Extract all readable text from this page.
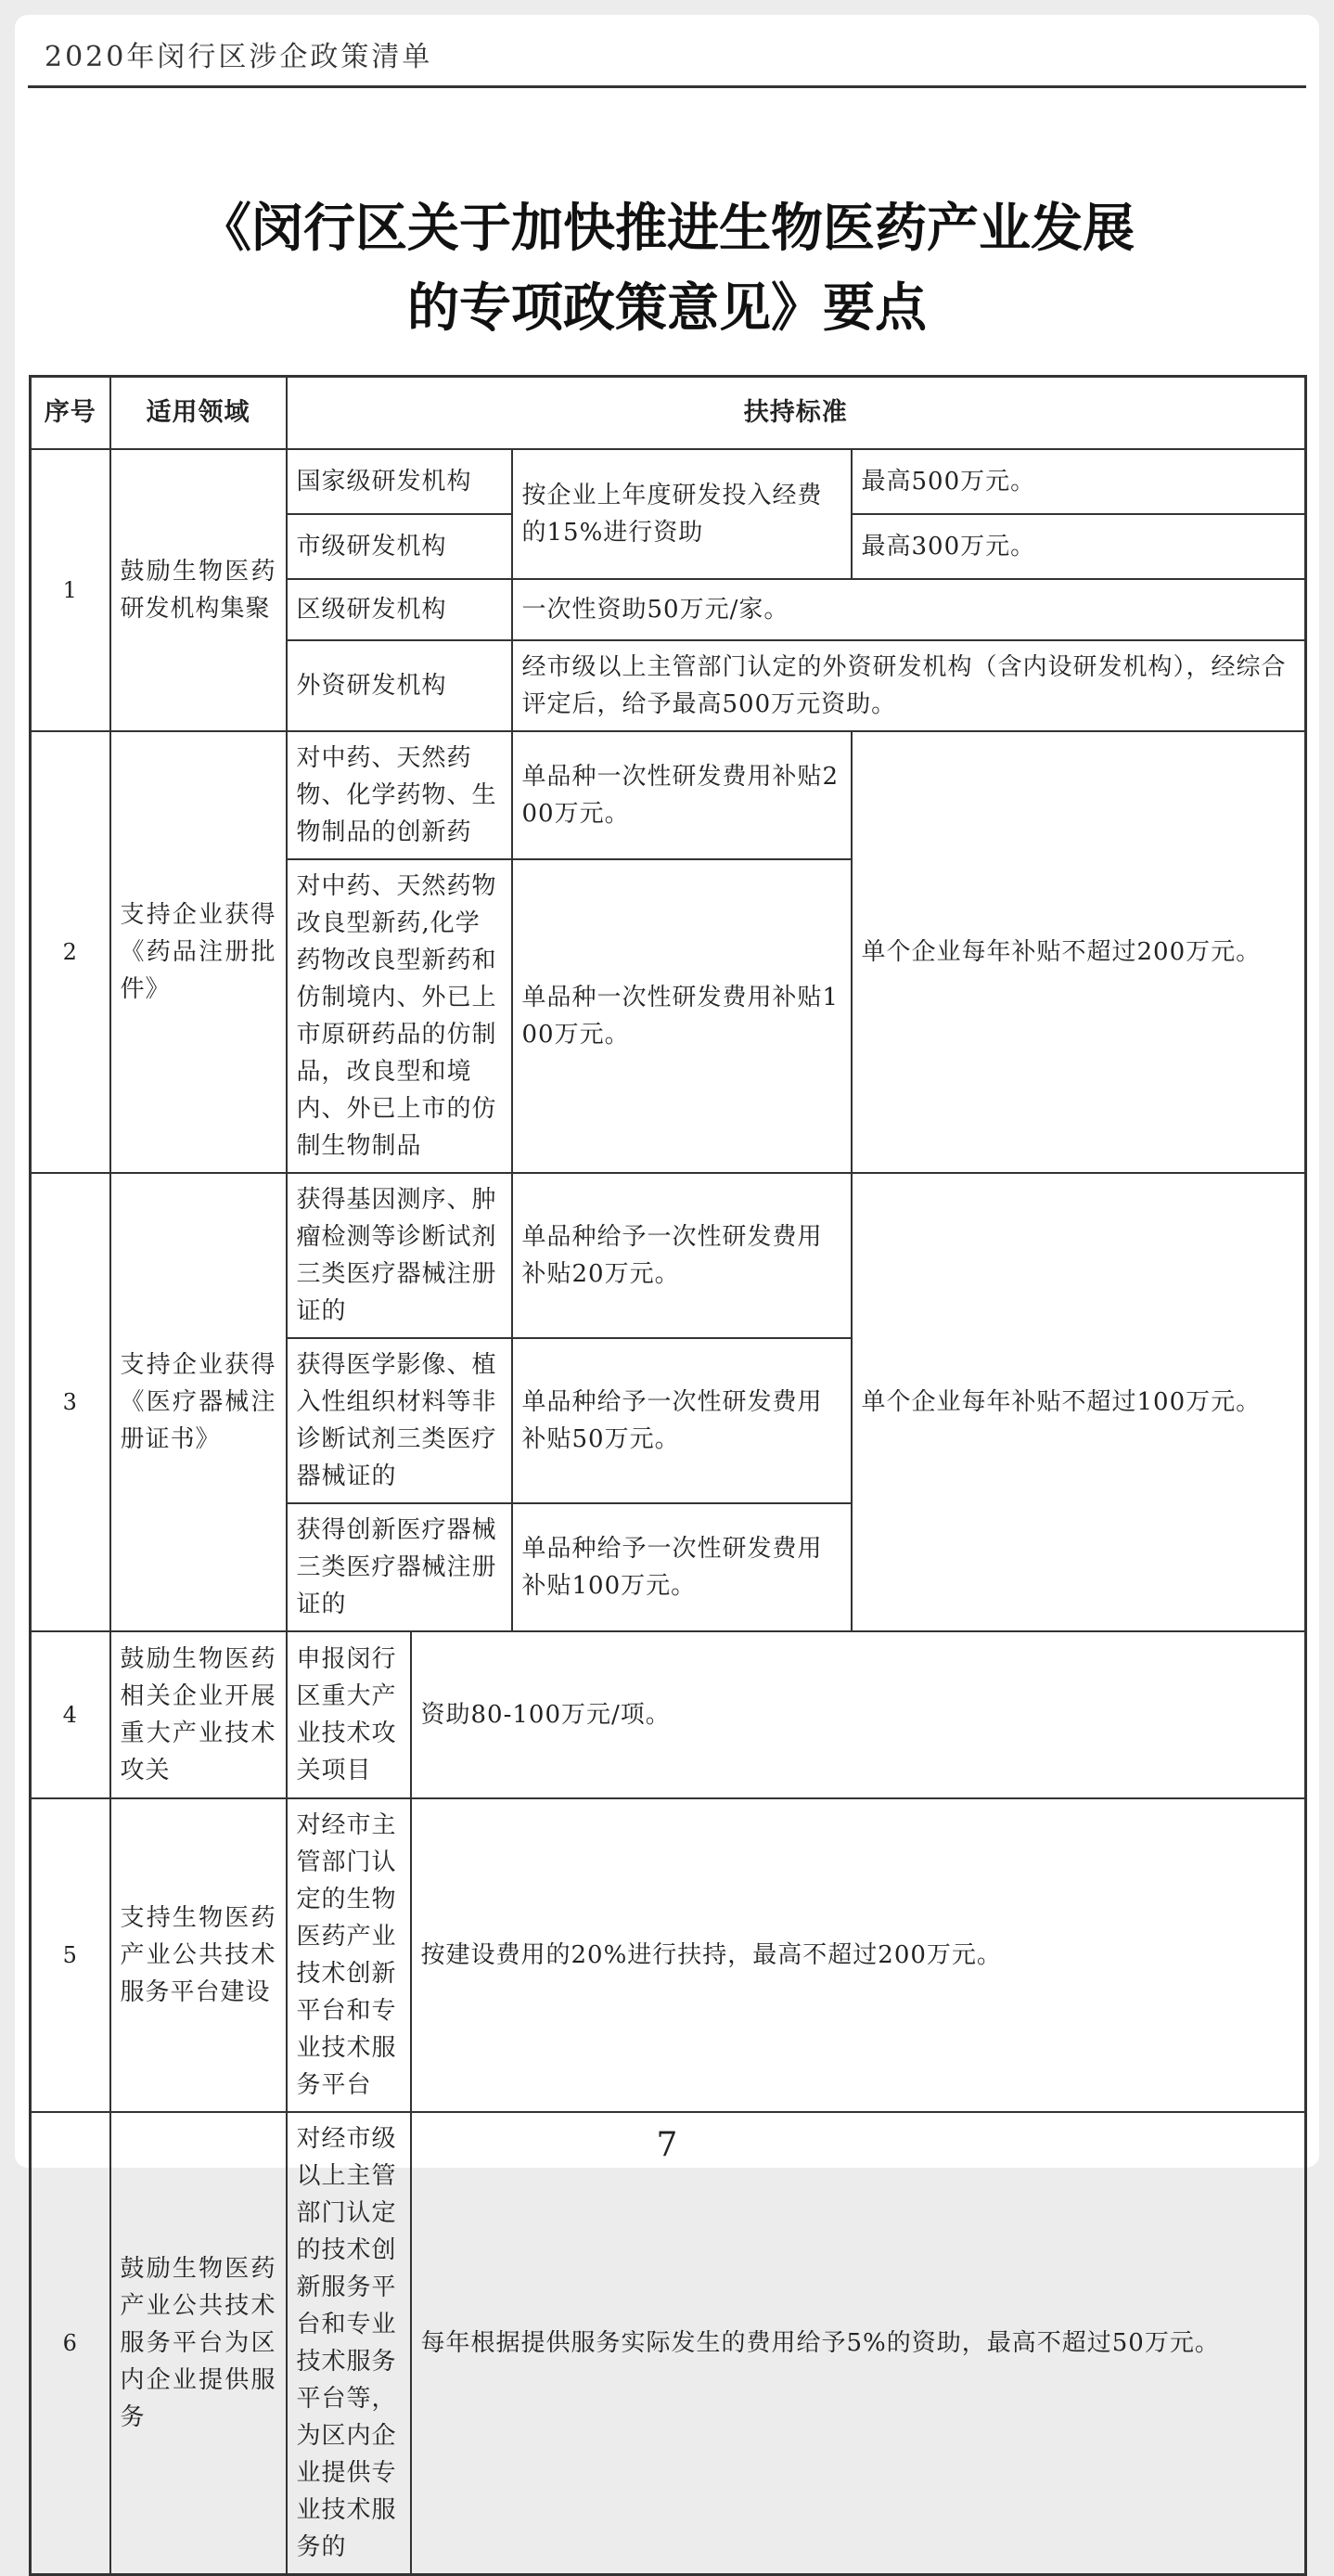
2020年闵行区涉企政策清单
《闵行区关于加快推进生物医药产业发展
的专项政策意见》要点
序号	适用领域	扶持标准			
1	鼓励生物医药研发机构集聚	国家级研发机构		按企业上年度研发投入经费的15%进行资助	最高500万元。
		市级研发机构			最高300万元。
		区级研发机构		一次性资助50万元/家。	
		外资研发机构		经市级以上主管部门认定的外资研发机构（含内设研发机构），经综合评定后，给予最高500万元资助。	
2	支持企业获得《药品注册批件》	对中药、天然药物、化学药物、生物制品的创新药		单品种一次性研发费用补贴200万元。	单个企业每年补贴不超过200万元。
		对中药、天然药物改良型新药,化学药物改良型新药和仿制境内、外已上市原研药品的仿制品，改良型和境内、外已上市的仿制生物制品		单品种一次性研发费用补贴100万元。	
3	支持企业获得《医疗器械注册证书》	获得基因测序、肿瘤检测等诊断试剂三类医疗器械注册证的		单品种给予一次性研发费用补贴20万元。	单个企业每年补贴不超过100万元。
		获得医学影像、植入性组织材料等非诊断试剂三类医疗器械证的		单品种给予一次性研发费用补贴50万元。	
		获得创新医疗器械三类医疗器械注册证的		单品种给予一次性研发费用补贴100万元。	
4	鼓励生物医药相关企业开展重大产业技术攻关	申报闵行区重大产业技术攻关项目	资助80-100万元/项。		
5	支持生物医药产业公共技术服务平台建设	对经市主管部门认定的生物医药产业技术创新平台和专业技术服务平台	按建设费用的20%进行扶持，最高不超过200万元。		
6	鼓励生物医药产业公共技术服务平台为区内企业提供服务	对经市级以上主管部门认定的技术创新服务平台和专业技术服务平台等，为区内企业提供专业技术服务的	每年根据提供服务实际发生的费用给予5%的资助，最高不超过50万元。		
7
